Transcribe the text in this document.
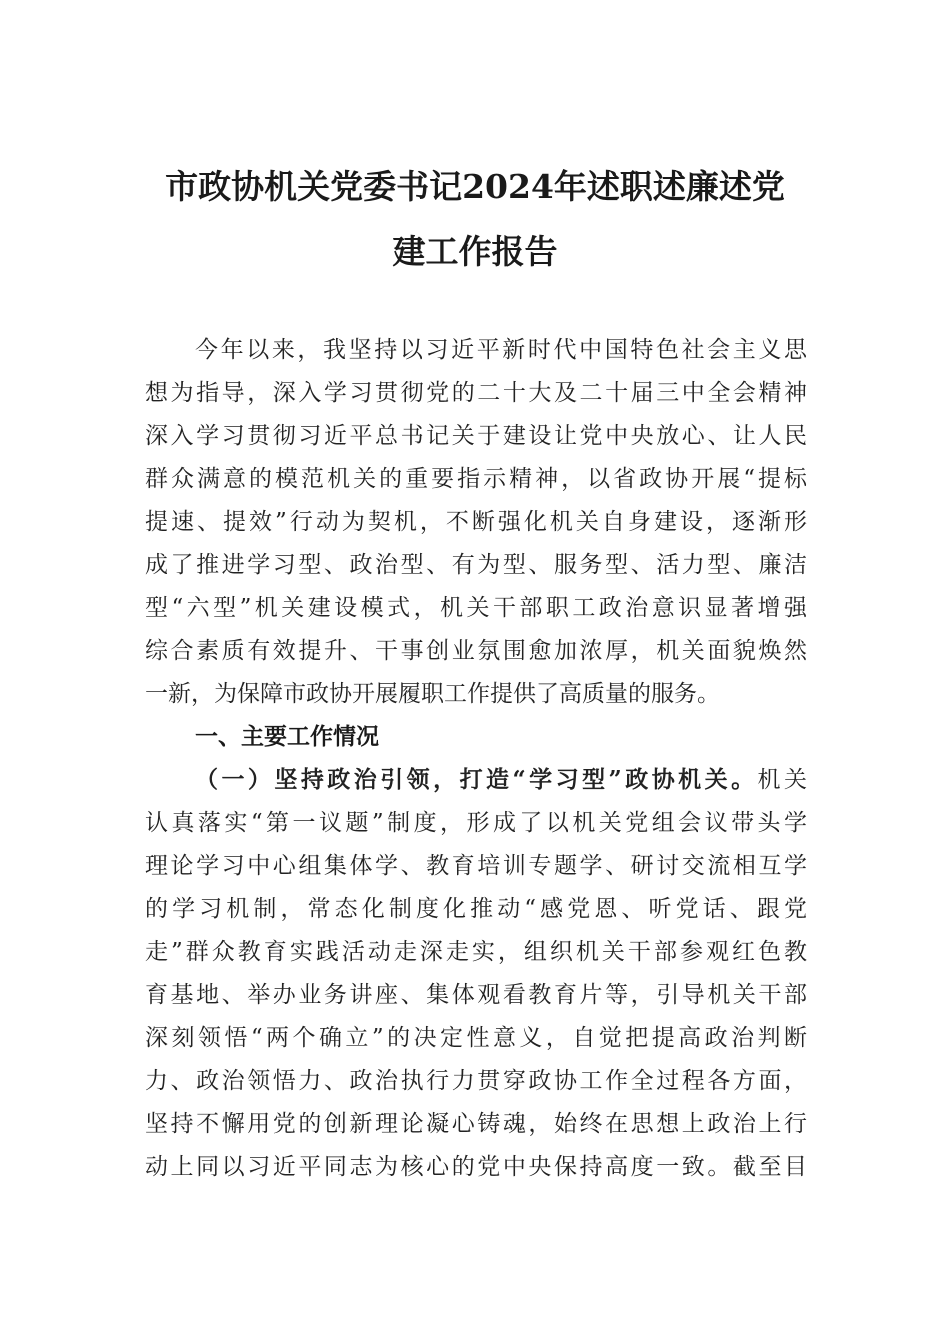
市政协机关党委书记2024年述职述廉述党
建工作报告

今年以来，我坚持以习近平新时代中国特色社会主义思

想为指导，深入学习贯彻党的二十大及二十届三中全会精神

深入学习贯彻习近平总书记关于建设让党中央放心、让人民

群众满意的模范机关的重要指示精神，以省政协开展“提标

提速、提效”行动为契机，不断强化机关自身建设，逐渐形

成了推进学习型、政治型、有为型、服务型、活力型、廉洁

型“六型”机关建设模式，机关干部职工政治意识显著增强

综合素质有效提升、干事创业氛围愈加浓厚，机关面貌焕然

一新，为保障市政协开展履职工作提供了高质量的服务。

一、主要工作情况

（一）坚持政治引领，打造“学习型”政协机关。机关

认真落实“第一议题”制度，形成了以机关党组会议带头学

理论学习中心组集体学、教育培训专题学、研讨交流相互学

的学习机制，常态化制度化推动“感党恩、听党话、跟党

走”群众教育实践活动走深走实，组织机关干部参观红色教

育基地、举办业务讲座、集体观看教育片等，引导机关干部

深刻领悟“两个确立”的决定性意义，自觉把提高政治判断

力、政治领悟力、政治执行力贯穿政协工作全过程各方面，

坚持不懈用党的创新理论凝心铸魂，始终在思想上政治上行

动上同以习近平同志为核心的党中央保持高度一致。截至目
